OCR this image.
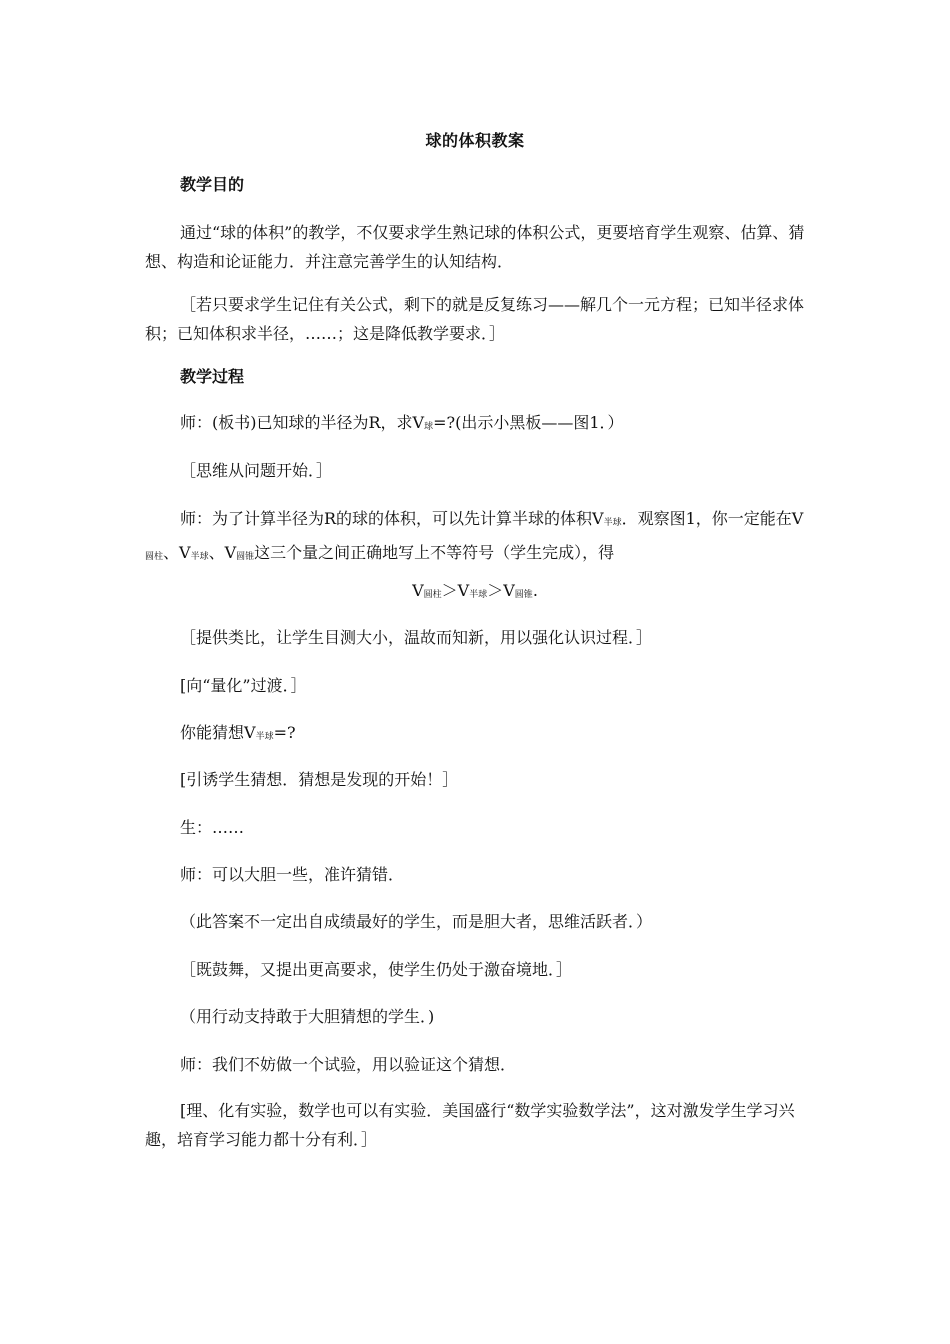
球的体积教案
教学目的
通过“球的体积”的教学，不仅要求学生熟记球的体积公式，更要培育学生观察、估算、猜想、构造和论证能力．并注意完善学生的认知结构．
［若只要求学生记住有关公式，剩下的就是反复练习——解几个一元方程；已知半径求体积；已知体积求半径，……；这是降低教学要求．］
教学过程
师：(板书)已知球的半径为R，求$V_球=$?(出示小黑板——图1．）
［思维从问题开始．］
师：为了计算半径为R的球的体积，可以先计算半球的体积$V_{半球}$．观察图1，你一定能在$V_{圆柱}$、$V_{半球}$、$V_{圆锥}$这三个量之间正确地写上不等符号（学生完成），得
$V_{圆柱}>V_{半球}>V_{圆锥}$.
［提供类比，让学生目测大小，温故而知新，用以强化认识过程．］
[向“量化”过渡．］
你能猜想$V_{半球}=$?
[引诱学生猜想．猜想是发现的开始！］
生：……
师：可以大胆一些，准许猜错．
（此答案不一定出自成绩最好的学生，而是胆大者，思维活跃者．）
［既鼓舞，又提出更高要求，使学生仍处于激奋境地．］
（用行动支持敢于大胆猜想的学生．)
师：我们不妨做一个试验，用以验证这个猜想．
[理、化有实验，数学也可以有实验．美国盛行“数学实验数学法”，这对激发学生学习兴趣，培育学习能力都十分有利．］
